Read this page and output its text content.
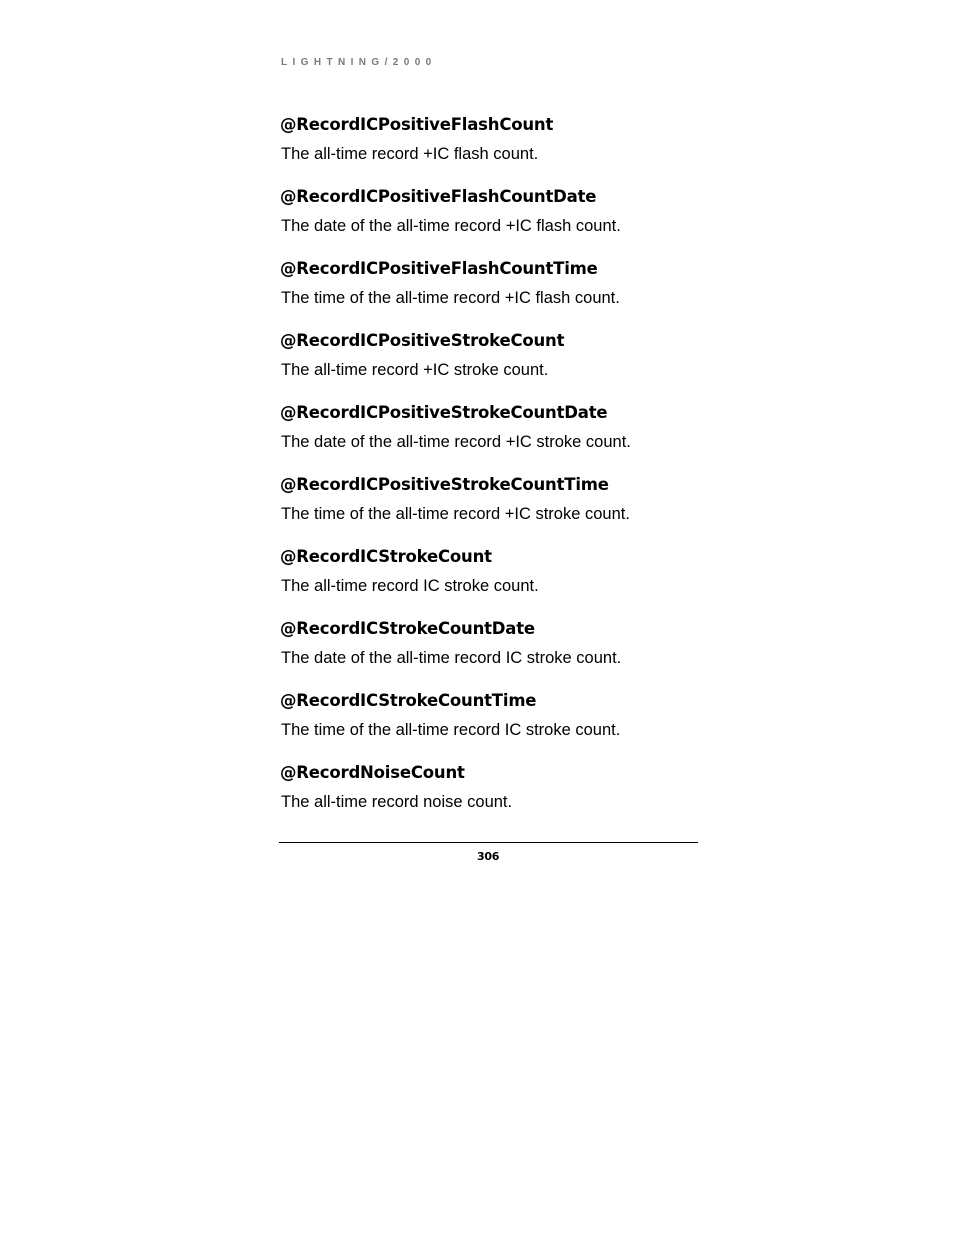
LIGHTNING/2000
@RecordICPositiveFlashCount
The all-time record +IC flash count.
@RecordICPositiveFlashCountDate
The date of the all-time record +IC flash count.
@RecordICPositiveFlashCountTime
The time of the all-time record +IC flash count.
@RecordICPositiveStrokeCount
The all-time record +IC stroke count.
@RecordICPositiveStrokeCountDate
The date of the all-time record +IC stroke count.
@RecordICPositiveStrokeCountTime
The time of the all-time record +IC stroke count.
@RecordICStrokeCount
The all-time record IC stroke count.
@RecordICStrokeCountDate
The date of the all-time record IC stroke count.
@RecordICStrokeCountTime
The time of the all-time record IC stroke count.
@RecordNoiseCount
The all-time record noise count.
306
